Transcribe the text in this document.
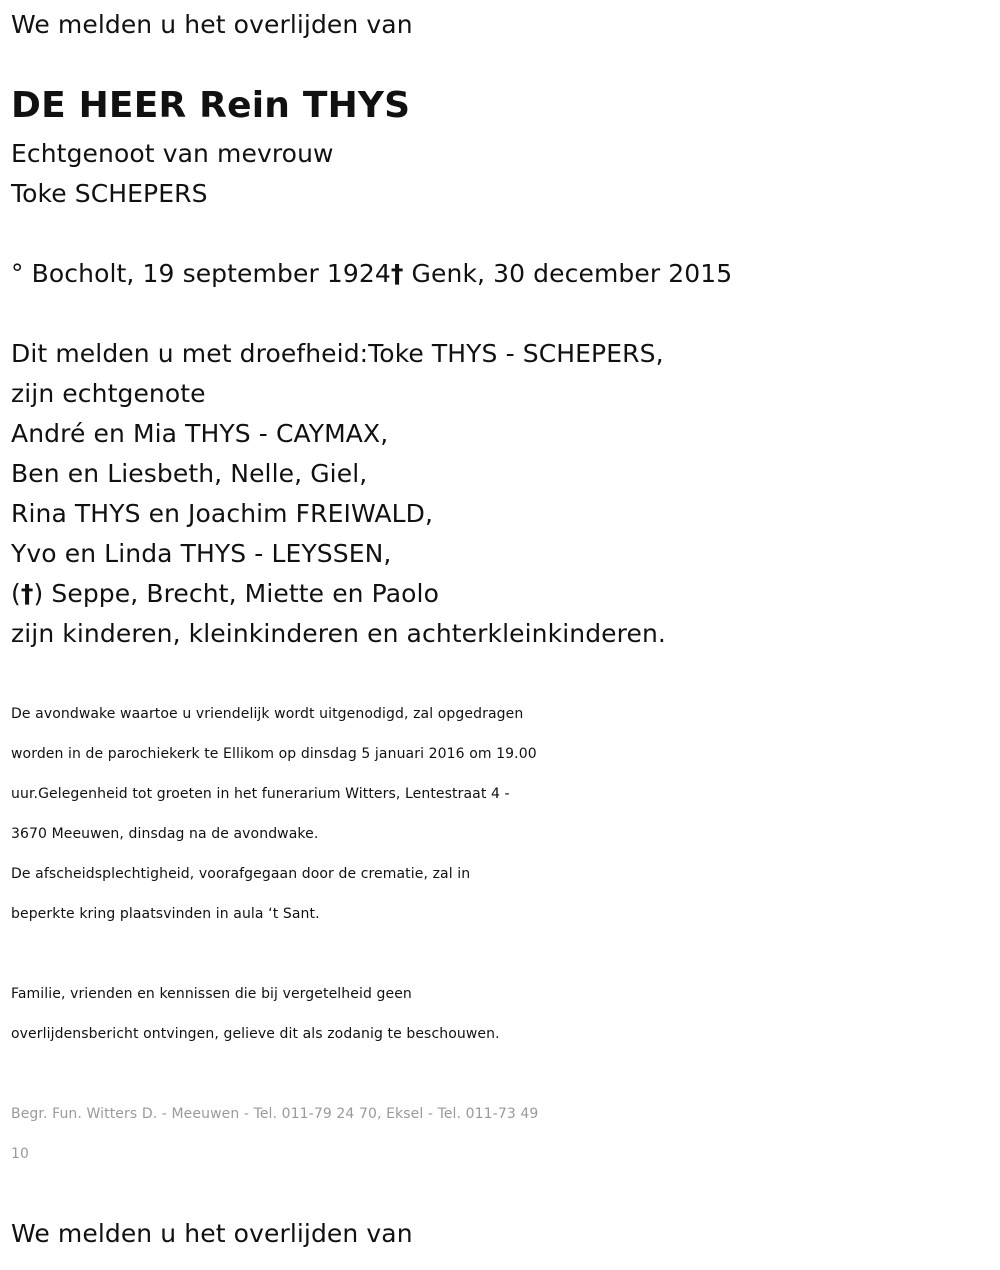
We melden u het overlijden van
DE HEER Rein THYS
Echtgenoot van mevrouw
Toke SCHEPERS
° Bocholt, 19 september 1924† Genk, 30 december 2015
Dit melden u met droefheid:Toke THYS - SCHEPERS,
zijn echtgenote
André en Mia THYS - CAYMAX,
Ben en Liesbeth, Nelle, Giel,
Rina THYS en Joachim FREIWALD,
Yvo en Linda THYS - LEYSSEN,
(†) Seppe, Brecht, Miette en Paolo
zijn kinderen, kleinkinderen en achterkleinkinderen.
De avondwake waartoe u vriendelijk wordt uitgenodigd, zal opgedragen
worden in de parochiekerk te Ellikom op dinsdag 5 januari 2016 om 19.00
uur.Gelegenheid tot groeten in het funerarium Witters, Lentestraat 4 -
3670 Meeuwen, dinsdag na de avondwake.
De afscheidsplechtigheid, voorafgegaan door de crematie, zal in
beperkte kring plaatsvinden in aula ‘t Sant.
Familie, vrienden en kennissen die bij vergetelheid geen
overlijdensbericht ontvingen, gelieve dit als zodanig te beschouwen.
Begr. Fun. Witters D. - Meeuwen - Tel. 011-79 24 70, Eksel - Tel. 011-73 49
10
We melden u het overlijden van
